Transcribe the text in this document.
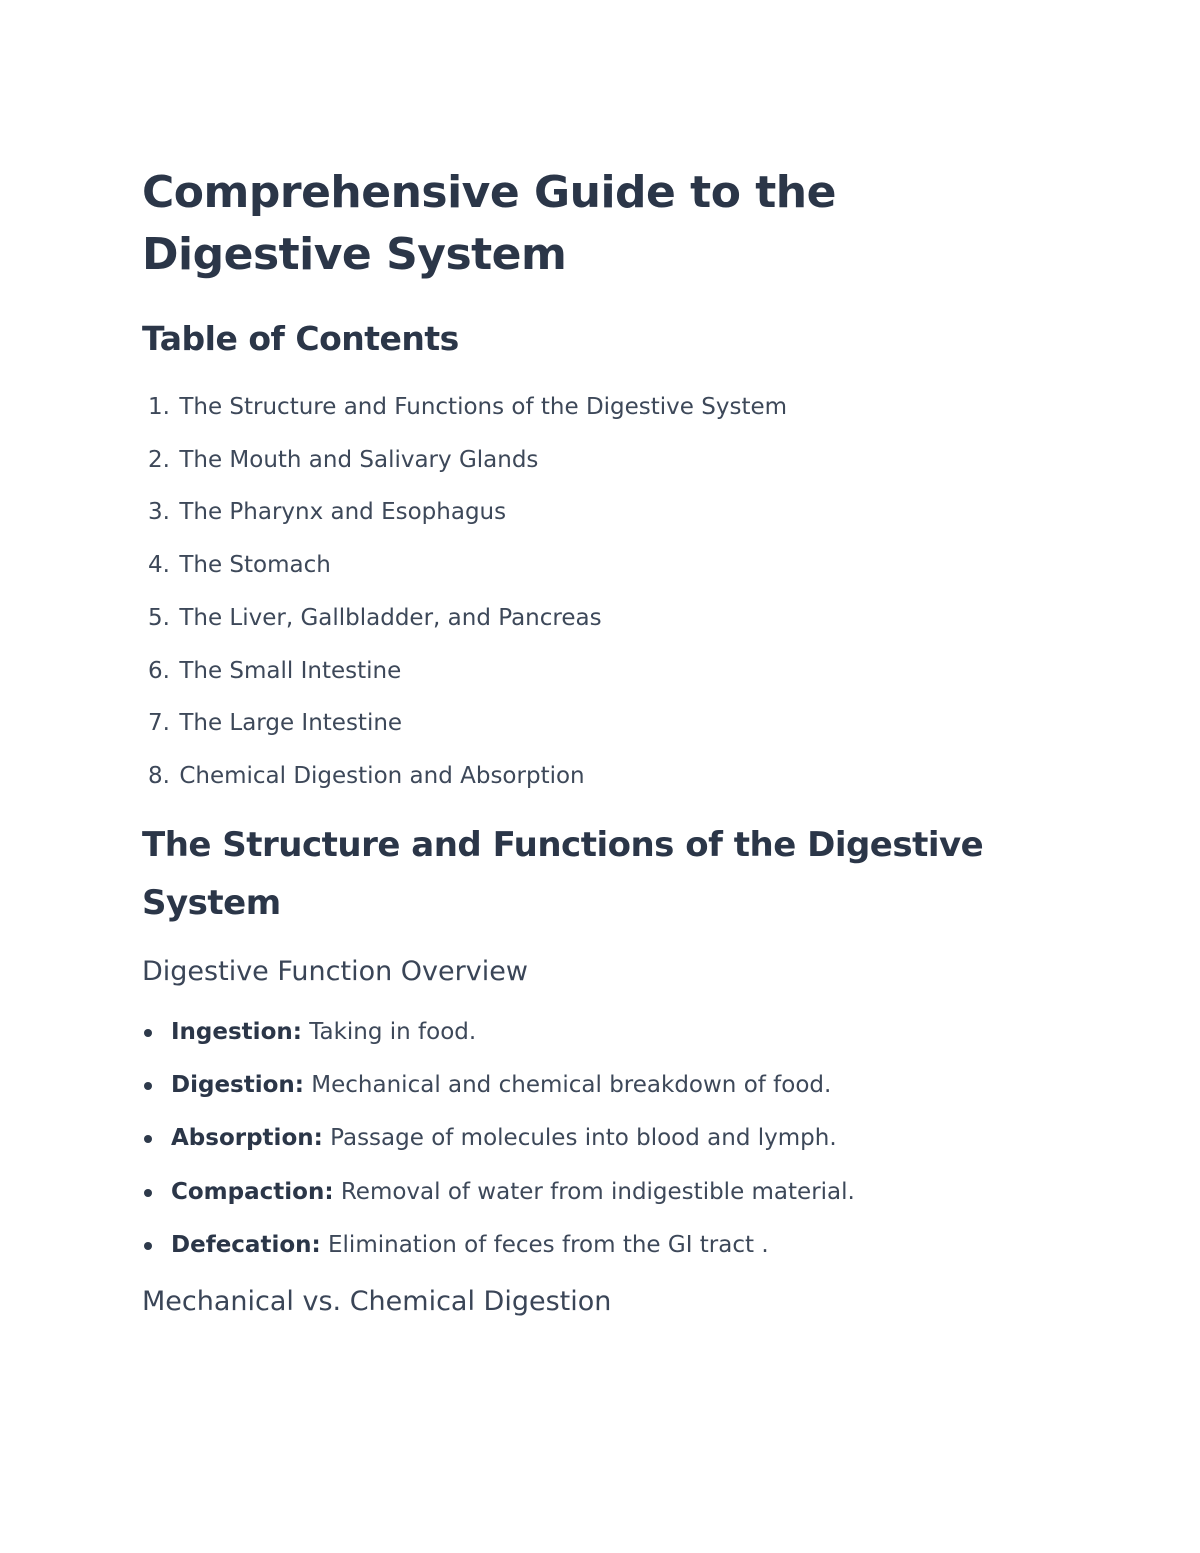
Comprehensive Guide to the Digestive System
Table of Contents
1. The Structure and Functions of the Digestive System
2. The Mouth and Salivary Glands
3. The Pharynx and Esophagus
4. The Stomach
5. The Liver, Gallbladder, and Pancreas
6. The Small Intestine
7. The Large Intestine
8. Chemical Digestion and Absorption
The Structure and Functions of the Digestive System
Digestive Function Overview
Ingestion: Taking in food.
Digestion: Mechanical and chemical breakdown of food.
Absorption: Passage of molecules into blood and lymph.
Compaction: Removal of water from indigestible material.
Defecation: Elimination of feces from the GI tract .
Mechanical vs. Chemical Digestion
